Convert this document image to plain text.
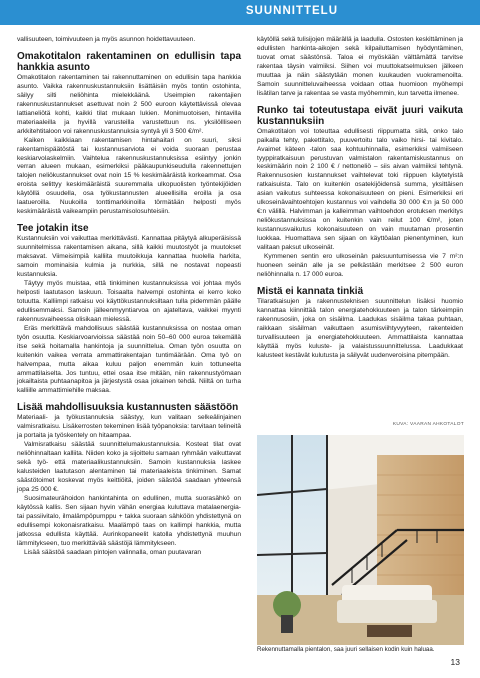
SUUNNITTELU

vallisuuteen, toimivuuteen ja myös asunnon hoidettavuuteen.

Omakotitalon rakentaminen on edullisin tapa hankkia asunto

Omakotitalon rakentaminen tai rakennuttaminen on edullisin tapa hankkia asunto. Vaikka rakennuskustannuksiin lisättäisiin myös tontin ostohinta, säilyy silti neliöhinta mielekkäänä. Useimpien rakentajien rakennuskustannukset asettuvat noin 2 500 euroon käytettävissä olevaa lattianeliötä kohti, kaikki tilat mukaan lukien. Monimuotoisen, hintavilla materiaaleilla ja hyvillä varusteilla varustettuun ns. yksilöllliseen arkkitehtitaloon voi rakennuskustannuksia syntyä yli 3 500 €/m².

Kaiken kaikkiaan rakentamisen hintahaitari on suuri, siksi rakentamispäätöstä tai kustannusarviota ei voida suoraan perustaa keskiarvolaskelmiin. Vaihtelua rakennuskustannuksissa esiintyy jonkin verran alueen mukaan, esimerkiksi pääkaupunkiseudulla rakennettujen talojen neliökustannukset ovat noin 15 % keskimääräistä korkeammat. Osa eroista selittyy keskimääräistä suuremmalla ulkopuolisten työntekijöiden käytöllä osuudella, osa työkustannusten alueellisilla eroilla ja osa laatueroilla. Nuukoilla tonttimarkkinoilla törmätään helposti myös keskimääräistä vaikeampiin perustamisolosuhteisiin.

Tee jotakin itse

Kustannuksiin voi vaikuttaa merkittävästi. Kannattaa pitäytyä alkuperäisissä suunnitelmissa rakentamisen aikana, sillä kaikki muutostyöt ja muutokset maksavat. Viimeisimpiä kalliita muutoikkuja kannattaa huolella harkita, samoin mominaisia kulmia ja nurkkia, sillä ne nostavat nopeasti kustannuksia.

Täytyy myös muistaa, että tinkiminen kustannuksissa voi johtaa myös helposti laatutason laskuun. Toisaalta halvempi ostohinta ei kerro koko totuutta. Kalliimpi ratkaisu voi käyttökustannuksiltaan tulla pidemmän päälle edullisemmaksi. Samoin jälleenmyyntiarvoa on ajateltava, vaikkei myynti rakennusvaiheessa olisikaan mielessä.

Eräs merkittävä mahdollisuus säästää kustannuksissa on nostaa oman työn osuutta. Keskiarvoarvioissa säästää noin 50–60 000 euroa tekemällä itse sekä hoitamalla hankintoja ja suunnittelua. Oman työn osuutta on kuitenkin vaikea verrata ammattirakentajan tuntimäärään. Oma työ on halvempaa, mutta aikaa kuluu paljon enemmän kuin tottuneelta ammattilaiselta. Jos tuntuu, ettei osaa itse mitään, niin rakennustyömaan jokailtaista puhtaanapitoa ja järjestystä osaa jokainen tehdä. Niiltä on turha kalliille ammattimiehille maksaa.

Lisää mahdollisuuksia kustannusten säästöön

Materiaali- ja työkustannuksia säästyy, kun valitaan selkeälinjainen valmisratkaisu. Lisäkerrosten tekeminen lisää työpanoksia: tarvitaan telineitä ja portaita ja työskentely on hitaampaa.

Valmisratkaisu säästää suunnittelumakustannuksia. Kosteat tilat ovat neliöhinnaltaan kalliita. Niiden koko ja sijoittelu samaan ryhmään vaikuttavat sekä työ- että materiaalikustannuksiin. Samoin kustannuksia laskee kalusteiden laatutason alentaminen tai materiaaleista tinkiminen. Samat säästötoimet koskevat myös keittiöitä, joiden säästöä saadaan yhteensä jopa 25 000 €.

Suosimateurähoidon hankintahinta on edullinen, mutta suorasähkö on käytössä kallis. Sen sijaan hyvin vähän energiaa kuluttava matalaenergia- tai passiivitalo, ilmalämpöpumppu + takka suoraan sähköön yhdistettynä on edullisempi kokonaisratkaisu. Maalämpö taas on kallimpi hankkia, mutta jatkossa edullista käyttää. Aurinkopaneelit katolla yhdistettynä muuhun lämmitykseen, tuo merkittävää säästöjä lämmitykseen.

Lisää säästöä saadaan pintojen valinnalla, oman puutavaran

käytöllä sekä tulisijojen määrällä ja laadulla. Ostosten keskittäminen ja edullisten hankinta-aikojen sekä kilpailuttamisen hyödyntäminen, tuovat omat säästönsä. Taloa ei myöskään välttämättä tarvitse rakentaa täysin valmiiksi. Siihen voi muuttokatselmuksen jälkeen muuttaa ja näin säästytään monen kuukauden vuokramenoilta. Samoin suunnitteluvaiheessa voidaan ottaa huomioon myöhempi lisätilan tarve ja rakentaa se vasta myöhemmin, kun tarvetta ilmenee.

Runko tai toteutustapa eivät juuri vaikuta kustannuksiin

Omakotitalon voi toteuttaa edullisesti riippumatta siitä, onko talo paikalla tehty, pakettitalo, puuvertoitu talo vaiko hirsi- tai kivitalo. Avaimet käteen -talon saa kohtuuhinnalla, esimerkiksi valmiiseen tyyppiratkaisuun perustuvan valmistalon rakentamiskustannus on keskimäärin noin 2 100 € / nettoneliö – siis aivan valmiiksi tehtynä. Rakennusosien kustannukset vaihtelevat toki riippuen käytetyistä ratkaisuista. Talo on kuitenkin osatekijöidensä summa, yksittäisen asian vaikutus suhteessa kokonaisuuteen on pieni. Esimerkiksi eri ulkoseinävaihtoehtojen kustannus voi vaihdella 30 000 €:n ja 50 000 €:n välillä. Halvimman ja kalleimman vaihtoehdon erotuksen merkitys neliökustannuksissa on kuitenkin vain reilut 100 €/m², joten kustannusvaikutus kokonaisuuteen on vain muutaman prosentin luokkaa. Huomattava sen sijaan on käyttöalan pienentyminen, kun valitaan paksut ulkoseinät.

Kymmenen sentin ero ulkoseinän paksuuntumisessa vie 7 m²:n huoneen seinän alle ja se pelkästään merkitsee 2 500 euron neliöhinnalla n. 17 000 euroa.

Mistä ei kannata tinkiä

Tilaratkaisujen ja rakennusteknisen suunnittelun lisäksi huomio kannattaa kiinnittää talon energiatehokkuuteen ja talon tärkeimpiin rakennusosiin, joka on sisäilma. Laadukas sisäilma takaa puhtaan, raikkaan sisäilman vaikuttaen asumisviihtyvyyteen, rakenteiden turvallisuuteen ja energiatehokkuuteen. Ammattilaista kannattaa käyttää myös kuluste- ja valaistussuunnittelussa. Laadukkaat kalusteet kestävät kulutusta ja säilyvät uudenveroisina pitempään.

KUVA: VAARAN AHKOTALOT
Rekennuttamalla pientalon, saa juuri sellaisen kodin kuin haluaa.
13
